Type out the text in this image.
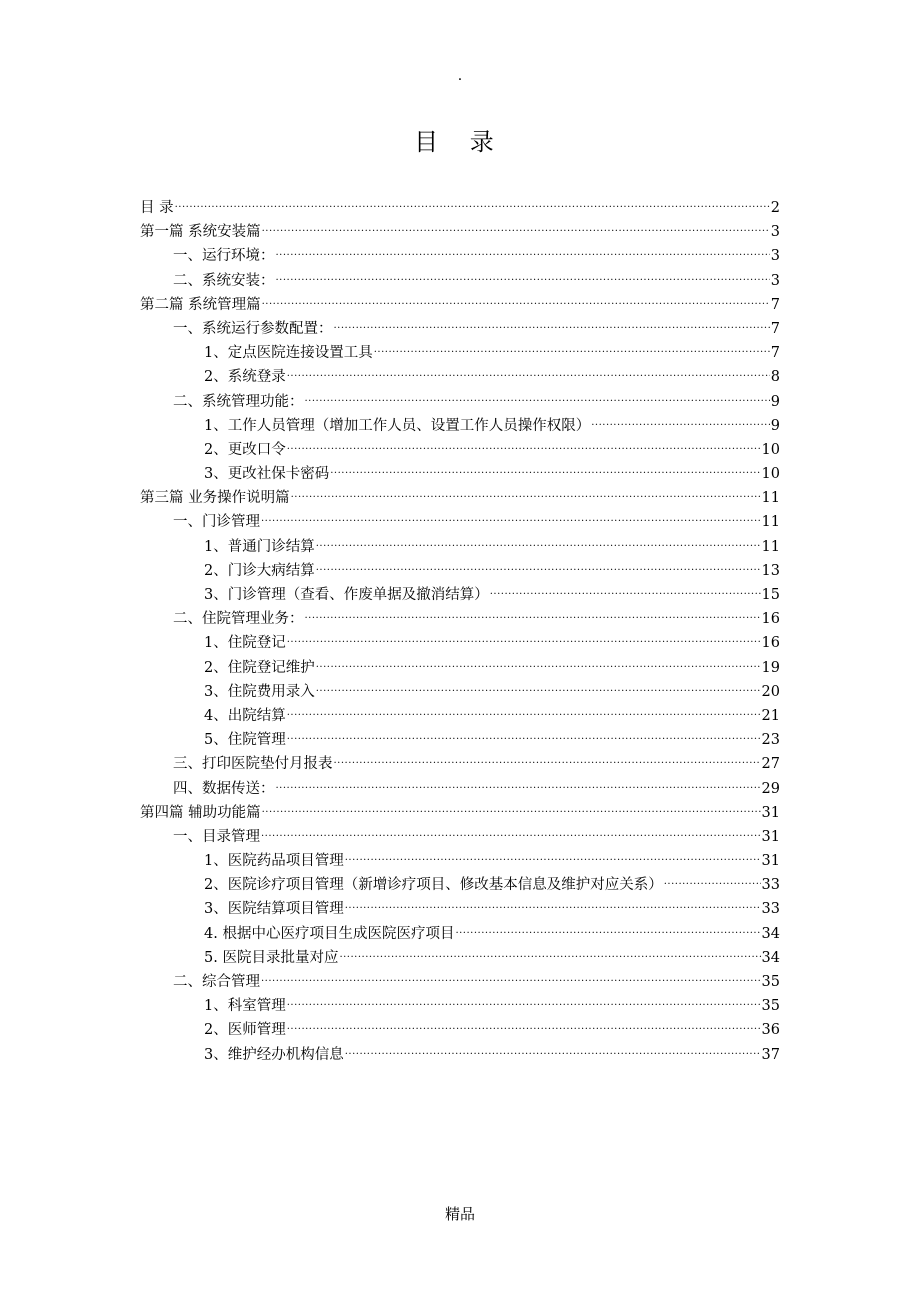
.
目 录
目 录 .....	2
第一篇 系统安装篇 .....	3
一、运行环境： .....	3
二、系统安装： .....	3
第二篇 系统管理篇 .....	7
一、系统运行参数配置： .....	7
1、定点医院连接设置工具 .....	7
2、系统登录 .....	8
二、系统管理功能： .....	9
1、工作人员管理（增加工作人员、设置工作人员操作权限） .....	9
2、更改口令 .....	10
3、更改社保卡密码 .....	10
第三篇 业务操作说明篇 .....	11
一、门诊管理 .....	11
1、普通门诊结算 .....	11
2、门诊大病结算 .....	13
3、门诊管理（查看、作废单据及撤消结算） .....	15
二、住院管理业务： .....	16
1、住院登记 .....	16
2、住院登记维护 .....	19
3、住院费用录入 .....	20
4、出院结算 .....	21
5、住院管理 .....	23
三、打印医院垫付月报表 .....	27
四、数据传送： .....	29
第四篇 辅助功能篇 .....	31
一、目录管理 .....	31
1、医院药品项目管理 .....	31
2、医院诊疗项目管理（新增诊疗项目、修改基本信息及维护对应关系） .....	33
3、医院结算项目管理 .....	33
4. 根据中心医疗项目生成医院医疗项目 .....	34
5. 医院目录批量对应 .....	34
二、综合管理 .....	35
1、科室管理 .....	35
2、医师管理 .....	36
3、维护经办机构信息 .....	37
精品
